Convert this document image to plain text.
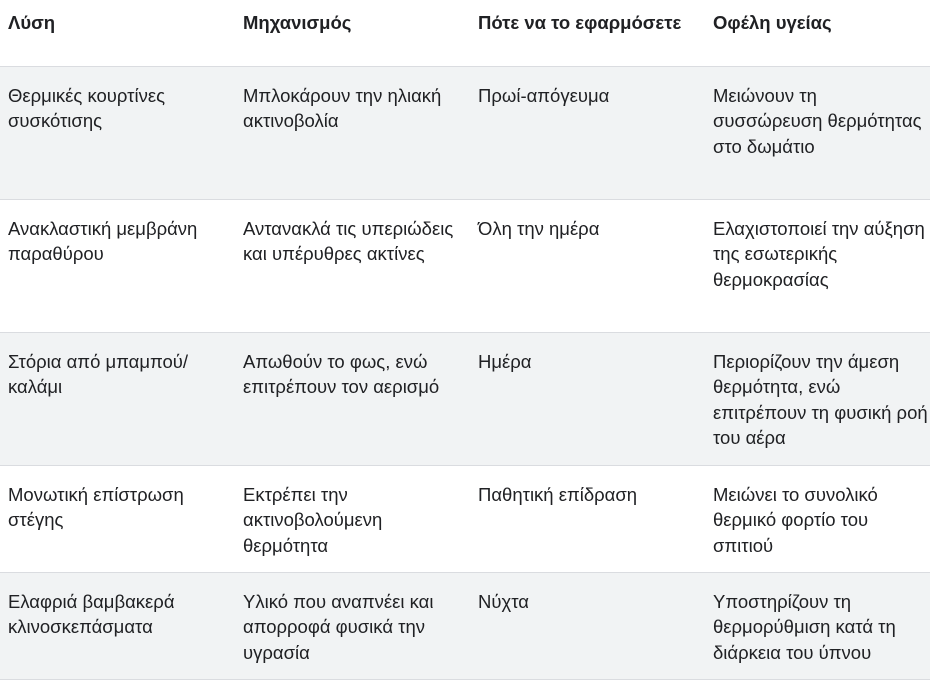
Λύση	Μηχανισμός	Πότε να το εφαρμόσετε	Οφέλη υγείας
Θερμικές κουρτίνες συσκότισης	Μπλοκάρουν την ηλιακή ακτινοβολία	Πρωί-απόγευμα	Μειώνουν τη συσσώρευση θερμότητας στο δωμάτιο
Ανακλαστική μεμβράνη παραθύρου	Αντανακλά τις υπεριώδεις και υπέρυθρες ακτίνες	Όλη την ημέρα	Ελαχιστοποιεί την αύξηση της εσωτερικής θερμοκρασίας
Στόρια από μπαμπού/καλάμι	Απωθούν το φως, ενώ επιτρέπουν τον αερισμό	Ημέρα	Περιορίζουν την άμεση θερμότητα, ενώ επιτρέπουν τη φυσική ροή του αέρα
Μονωτική επίστρωση στέγης	Εκτρέπει την ακτινοβολούμενη θερμότητα	Παθητική επίδραση	Μειώνει το συνολικό θερμικό φορτίο του σπιτιού
Ελαφριά βαμβακερά κλινοσκεπάσματα	Υλικό που αναπνέει και απορροφά φυσικά την υγρασία	Νύχτα	Υποστηρίζουν τη θερμορύθμιση κατά τη διάρκεια του ύπνου
